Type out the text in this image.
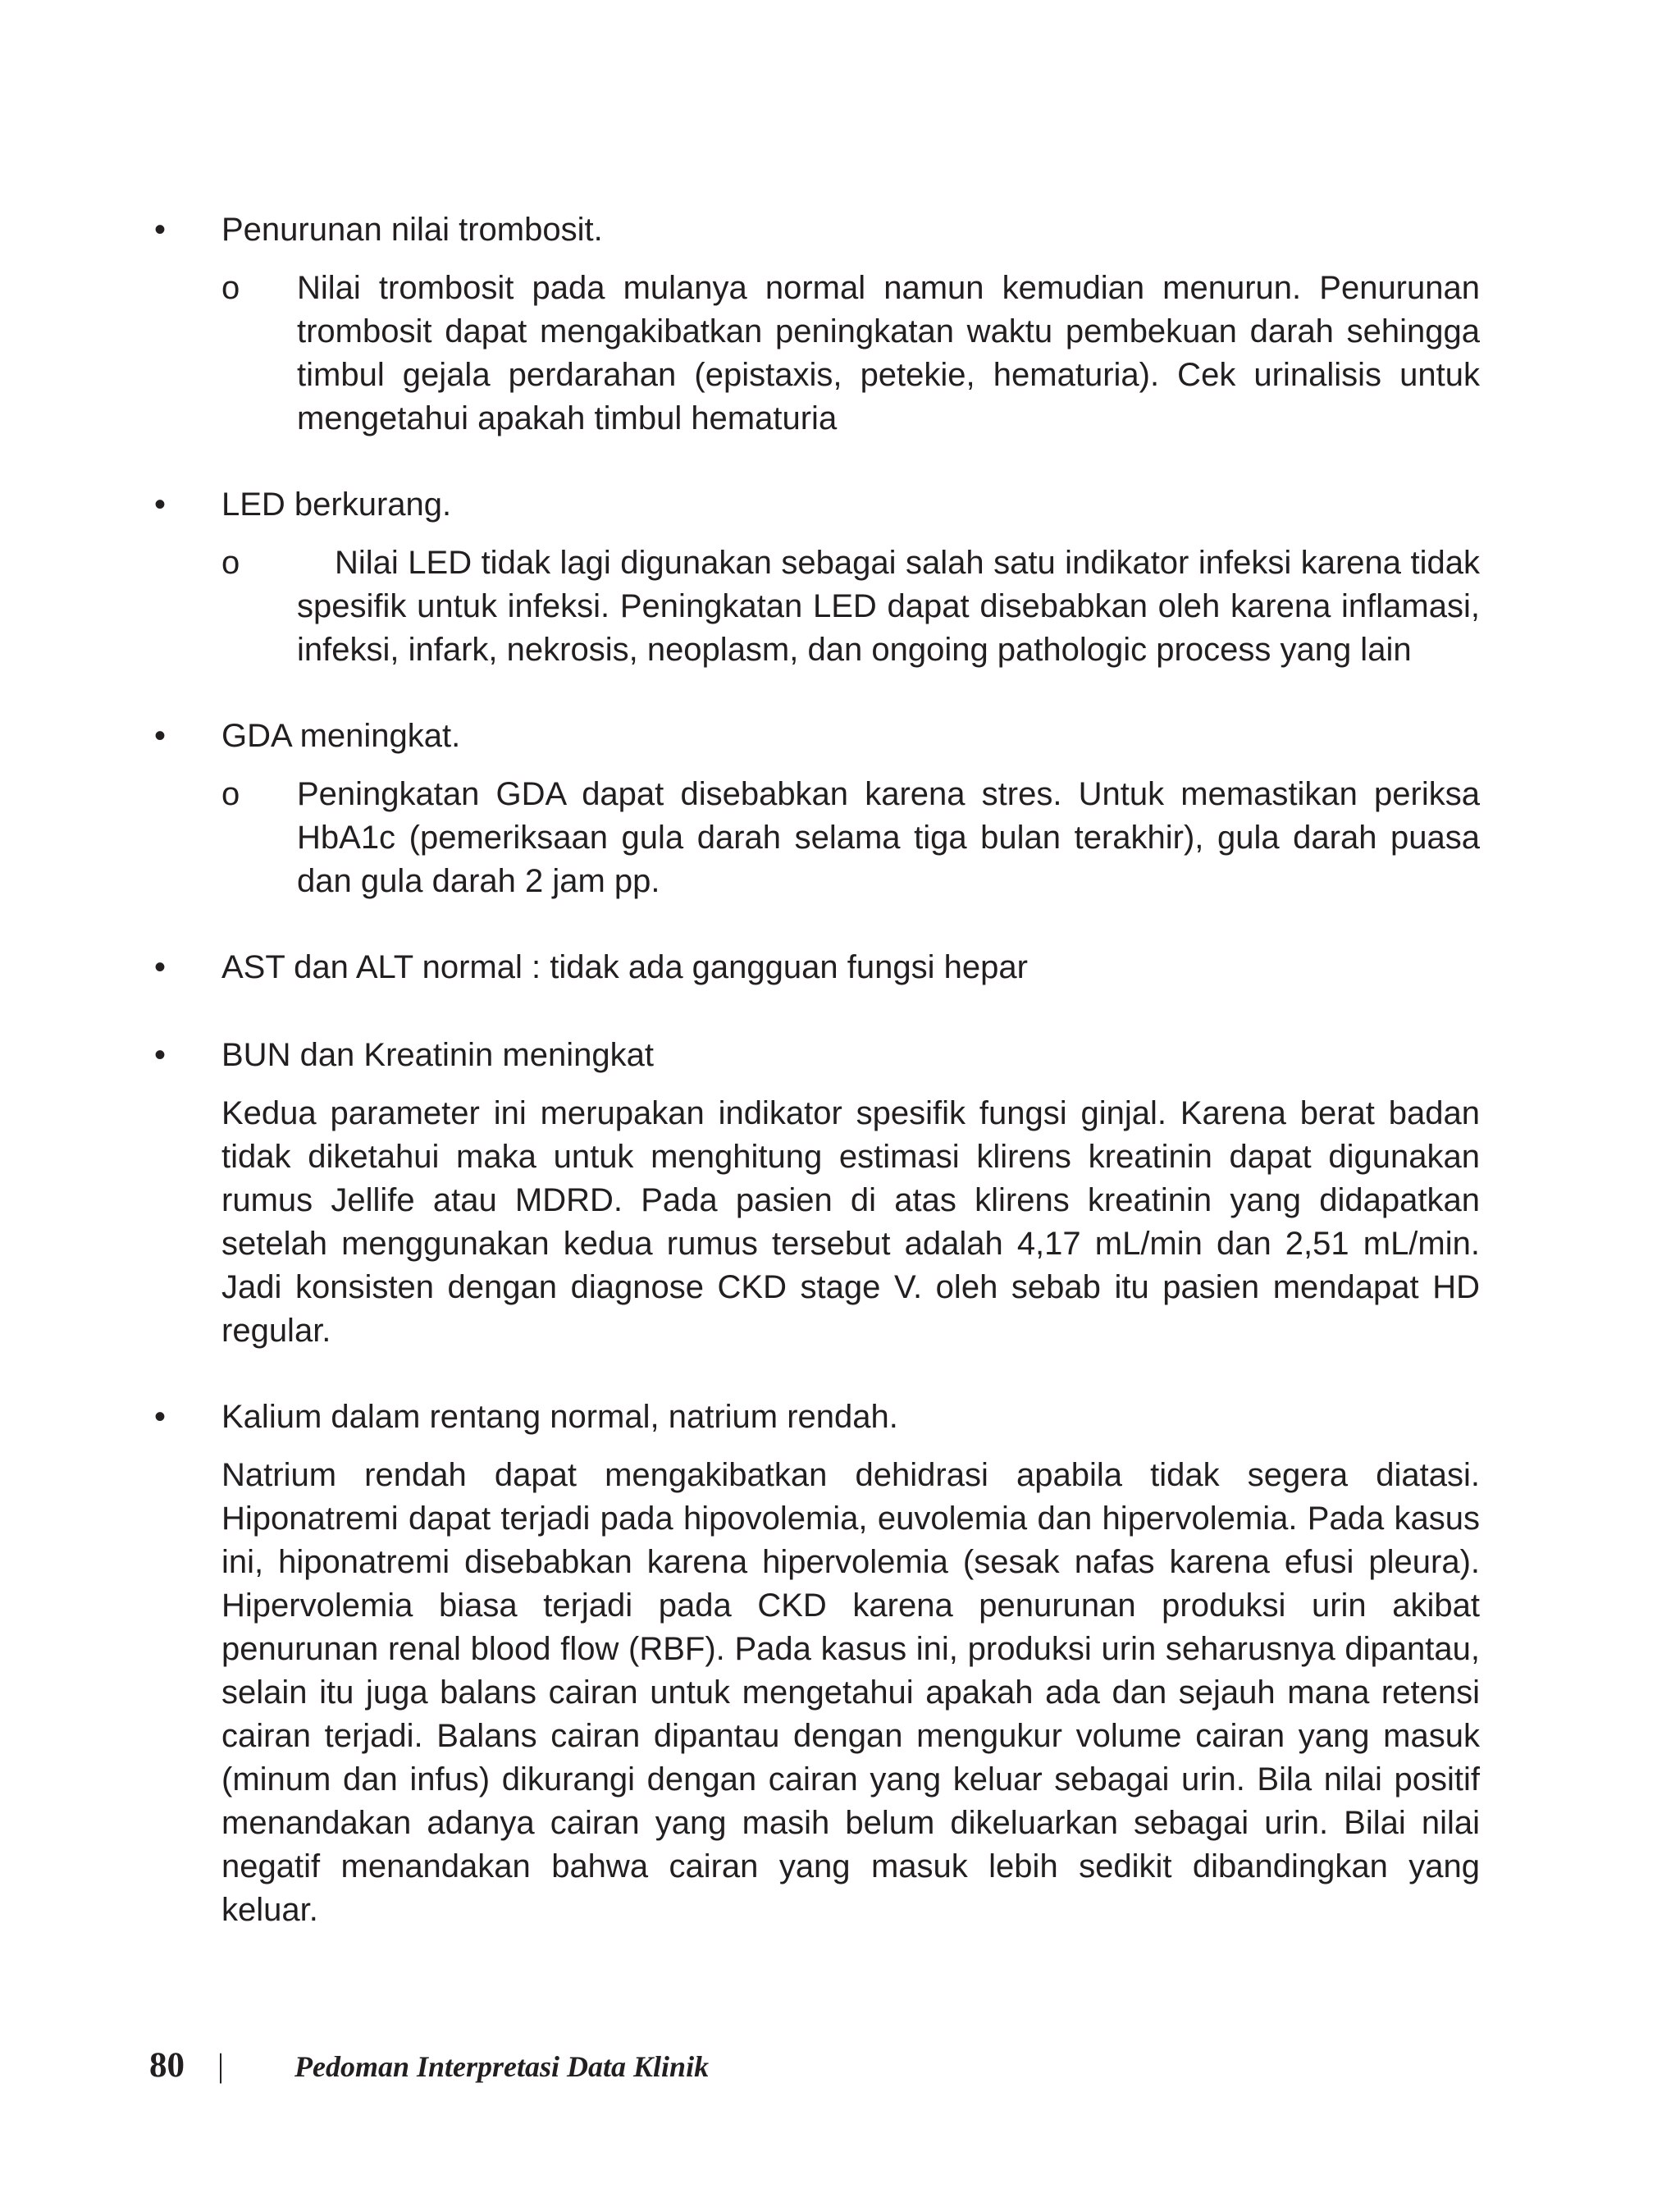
•	Penurunan nilai trombosit.
o Nilai trombosit pada mulanya normal namun kemudian menurun. Penurunan trombosit dapat mengakibatkan peningkatan waktu pembekuan darah sehingga timbul gejala perdarahan (epistaxis, petekie, hematuria). Cek urinalisis untuk mengetahui apakah timbul hematuria
•	LED berkurang.
o	Nilai LED tidak lagi digunakan sebagai salah satu indikator infeksi karena tidak spesifik untuk infeksi. Peningkatan LED dapat disebabkan oleh karena inflamasi, infeksi, infark, nekrosis, neoplasm, dan ongoing pathologic process yang lain
•	GDA meningkat.
o Peningkatan GDA dapat disebabkan karena stres. Untuk memastikan periksa HbA1c (pemeriksaan gula darah selama tiga bulan terakhir), gula darah puasa dan gula darah 2 jam pp.
•	AST dan ALT normal : tidak ada gangguan fungsi hepar
•	BUN dan Kreatinin meningkat
Kedua parameter ini merupakan indikator spesifik fungsi ginjal. Karena berat badan tidak diketahui maka untuk menghitung estimasi klirens kreatinin dapat digunakan rumus Jellife atau MDRD. Pada pasien di atas klirens kreatinin yang didapatkan setelah menggunakan kedua rumus tersebut adalah 4,17 mL/min dan 2,51 mL/min. Jadi konsisten dengan diagnose CKD stage V. oleh sebab itu pasien mendapat HD regular.
•	Kalium dalam rentang normal, natrium rendah.
Natrium rendah dapat mengakibatkan dehidrasi apabila tidak segera diatasi. Hiponatremi dapat terjadi pada hipovolemia, euvolemia dan hipervolemia. Pada kasus ini, hiponatremi disebabkan karena hipervolemia (sesak nafas karena efusi pleura). Hipervolemia biasa terjadi pada CKD karena penurunan produksi urin akibat penurunan renal blood flow (RBF). Pada kasus ini, produksi urin seharusnya dipantau, selain itu juga balans cairan untuk mengetahui apakah ada dan sejauh mana retensi cairan terjadi. Balans cairan dipantau dengan mengukur volume cairan yang masuk (minum dan infus) dikurangi dengan cairan yang keluar sebagai urin. Bila nilai positif menandakan adanya cairan yang masih belum dikeluarkan sebagai urin. Bilai nilai negatif menandakan bahwa cairan yang masuk lebih sedikit dibandingkan yang keluar.
80 | Pedoman Interpretasi Data Klinik
